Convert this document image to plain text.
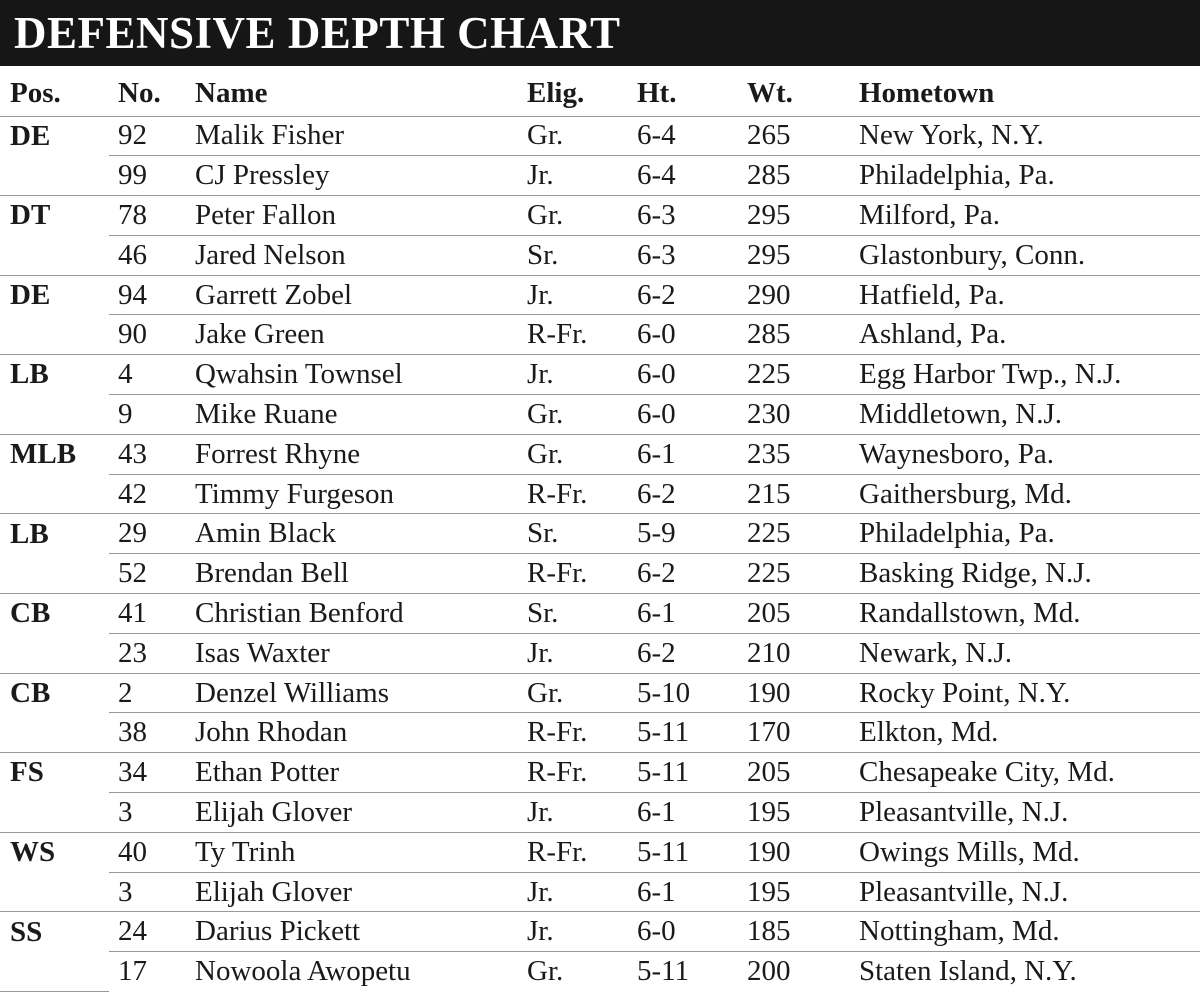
DEFENSIVE DEPTH CHART
Pos.	No.	Name	Elig.	Ht.	Wt.	Hometown
DE	92	Malik Fisher	Gr.	6-4	265	New York, N.Y.
	99	CJ Pressley	Jr.	6-4	285	Philadelphia, Pa.
DT	78	Peter Fallon	Gr.	6-3	295	Milford, Pa.
	46	Jared Nelson	Sr.	6-3	295	Glastonbury, Conn.
DE	94	Garrett Zobel	Jr.	6-2	290	Hatfield, Pa.
	90	Jake Green	R-Fr.	6-0	285	Ashland, Pa.
LB	4	Qwahsin Townsel	Jr.	6-0	225	Egg Harbor Twp., N.J.
	9	Mike Ruane	Gr.	6-0	230	Middletown, N.J.
MLB	43	Forrest Rhyne	Gr.	6-1	235	Waynesboro, Pa.
	42	Timmy Furgeson	R-Fr.	6-2	215	Gaithersburg, Md.
LB	29	Amin Black	Sr.	5-9	225	Philadelphia, Pa.
	52	Brendan Bell	R-Fr.	6-2	225	Basking Ridge, N.J.
CB	41	Christian Benford	Sr.	6-1	205	Randallstown, Md.
	23	Isas Waxter	Jr.	6-2	210	Newark, N.J.
CB	2	Denzel Williams	Gr.	5-10	190	Rocky Point, N.Y.
	38	John Rhodan	R-Fr.	5-11	170	Elkton, Md.
FS	34	Ethan Potter	R-Fr.	5-11	205	Chesapeake City, Md.
	3	Elijah Glover	Jr.	6-1	195	Pleasantville, N.J.
WS	40	Ty Trinh	R-Fr.	5-11	190	Owings Mills, Md.
	3	Elijah Glover	Jr.	6-1	195	Pleasantville, N.J.
SS	24	Darius Pickett	Jr.	6-0	185	Nottingham, Md.
	17	Nowoola Awopetu	Gr.	5-11	200	Staten Island, N.Y.
